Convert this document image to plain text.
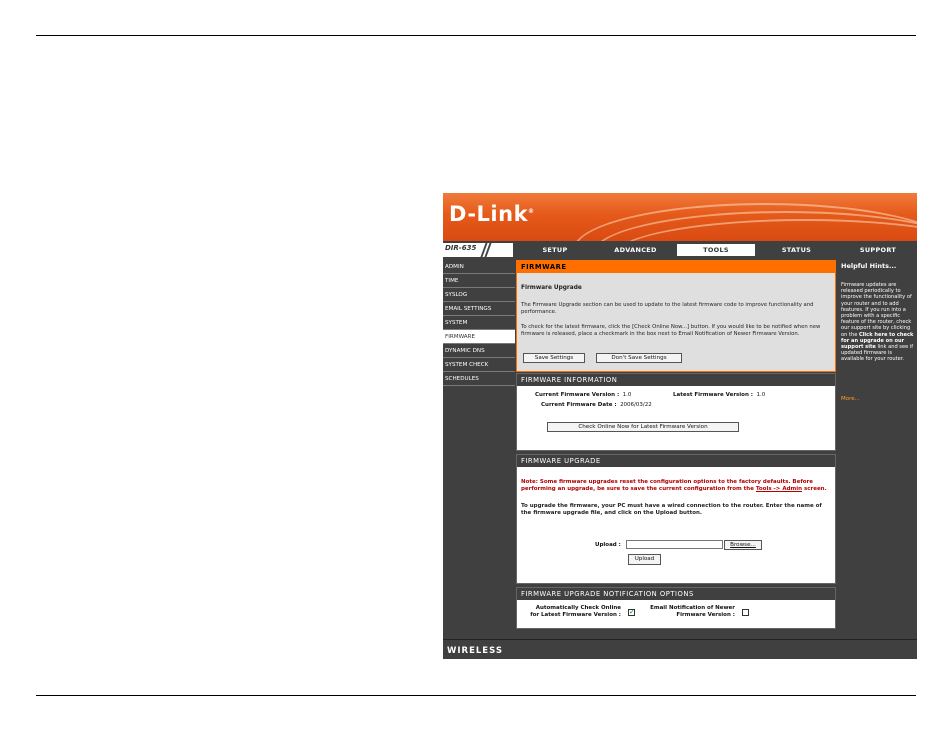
D-Link®
DIR-635	SETUP	ADVANCED	TOOLS	STATUS	SUPPORT
ADMIN
TIME
SYSLOG
EMAIL SETTINGS
SYSTEM
FIRMWARE
DYNAMIC DNS
SYSTEM CHECK
SCHEDULES
FIRMWARE
Firmware Upgrade
The Firmware Upgrade section can be used to update to the latest firmware code to improve functionality and performance.
To check for the latest firmware, click the [Check Online Now...] button. If you would like to be notified when new firmware is released, place a checkmark in the box next to Email Notification of Newer Firmware Version.
Save Settings	Don't Save Settings
FIRMWARE INFORMATION
Current Firmware Version : 1.0	Latest Firmware Version : 1.0
Current Firmware Date : 2006/03/22
Check Online Now for Latest Firmware Version
FIRMWARE UPGRADE
Note: Some firmware upgrades reset the configuration options to the factory defaults. Before performing an upgrade, be sure to save the current configuration from the Tools -> Admin screen.
To upgrade the firmware, your PC must have a wired connection to the router. Enter the name of the firmware upgrade file, and click on the Upload button.
Upload :	Browse...
Upload
FIRMWARE UPGRADE NOTIFICATION OPTIONS
Automatically Check Online
for Latest Firmware Version : ✓	Email Notification of Newer
Firmware Version :
Helpful Hints...
Firmware updates are released periodically to improve the functionality of your router and to add features. If you run into a problem with a specific feature of the router, check our support site by clicking on the Click here to check for an upgrade on our support site link and see if updated firmware is available for your router.
More...
WIRELESS
